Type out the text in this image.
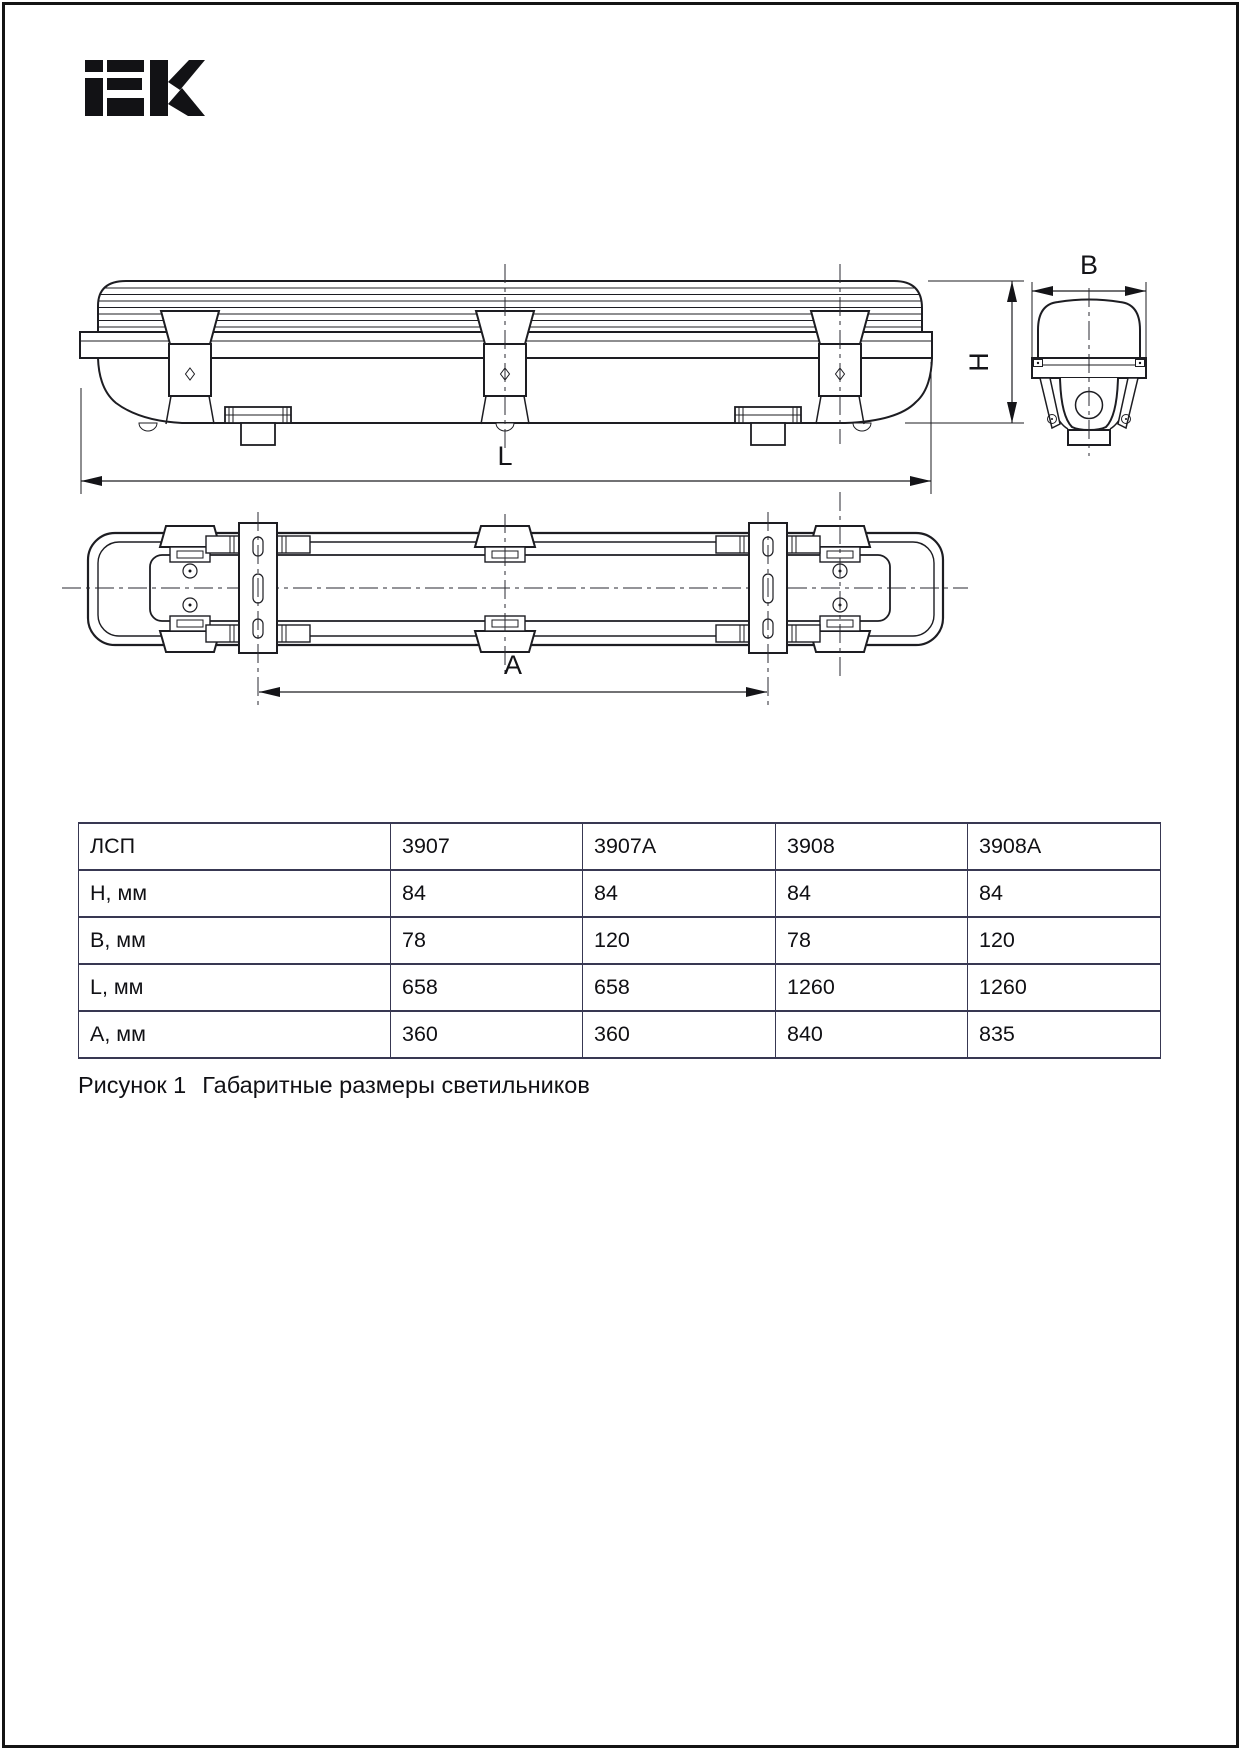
H
L
B
A
ЛСП	3907	3907A	3908	3908A
H, мм	84	84	84	84
B, мм	78	120	78	120
L, мм	658	658	1260	1260
A, мм	360	360	840	835
Рисунок 1 Габаритные размеры светильников
